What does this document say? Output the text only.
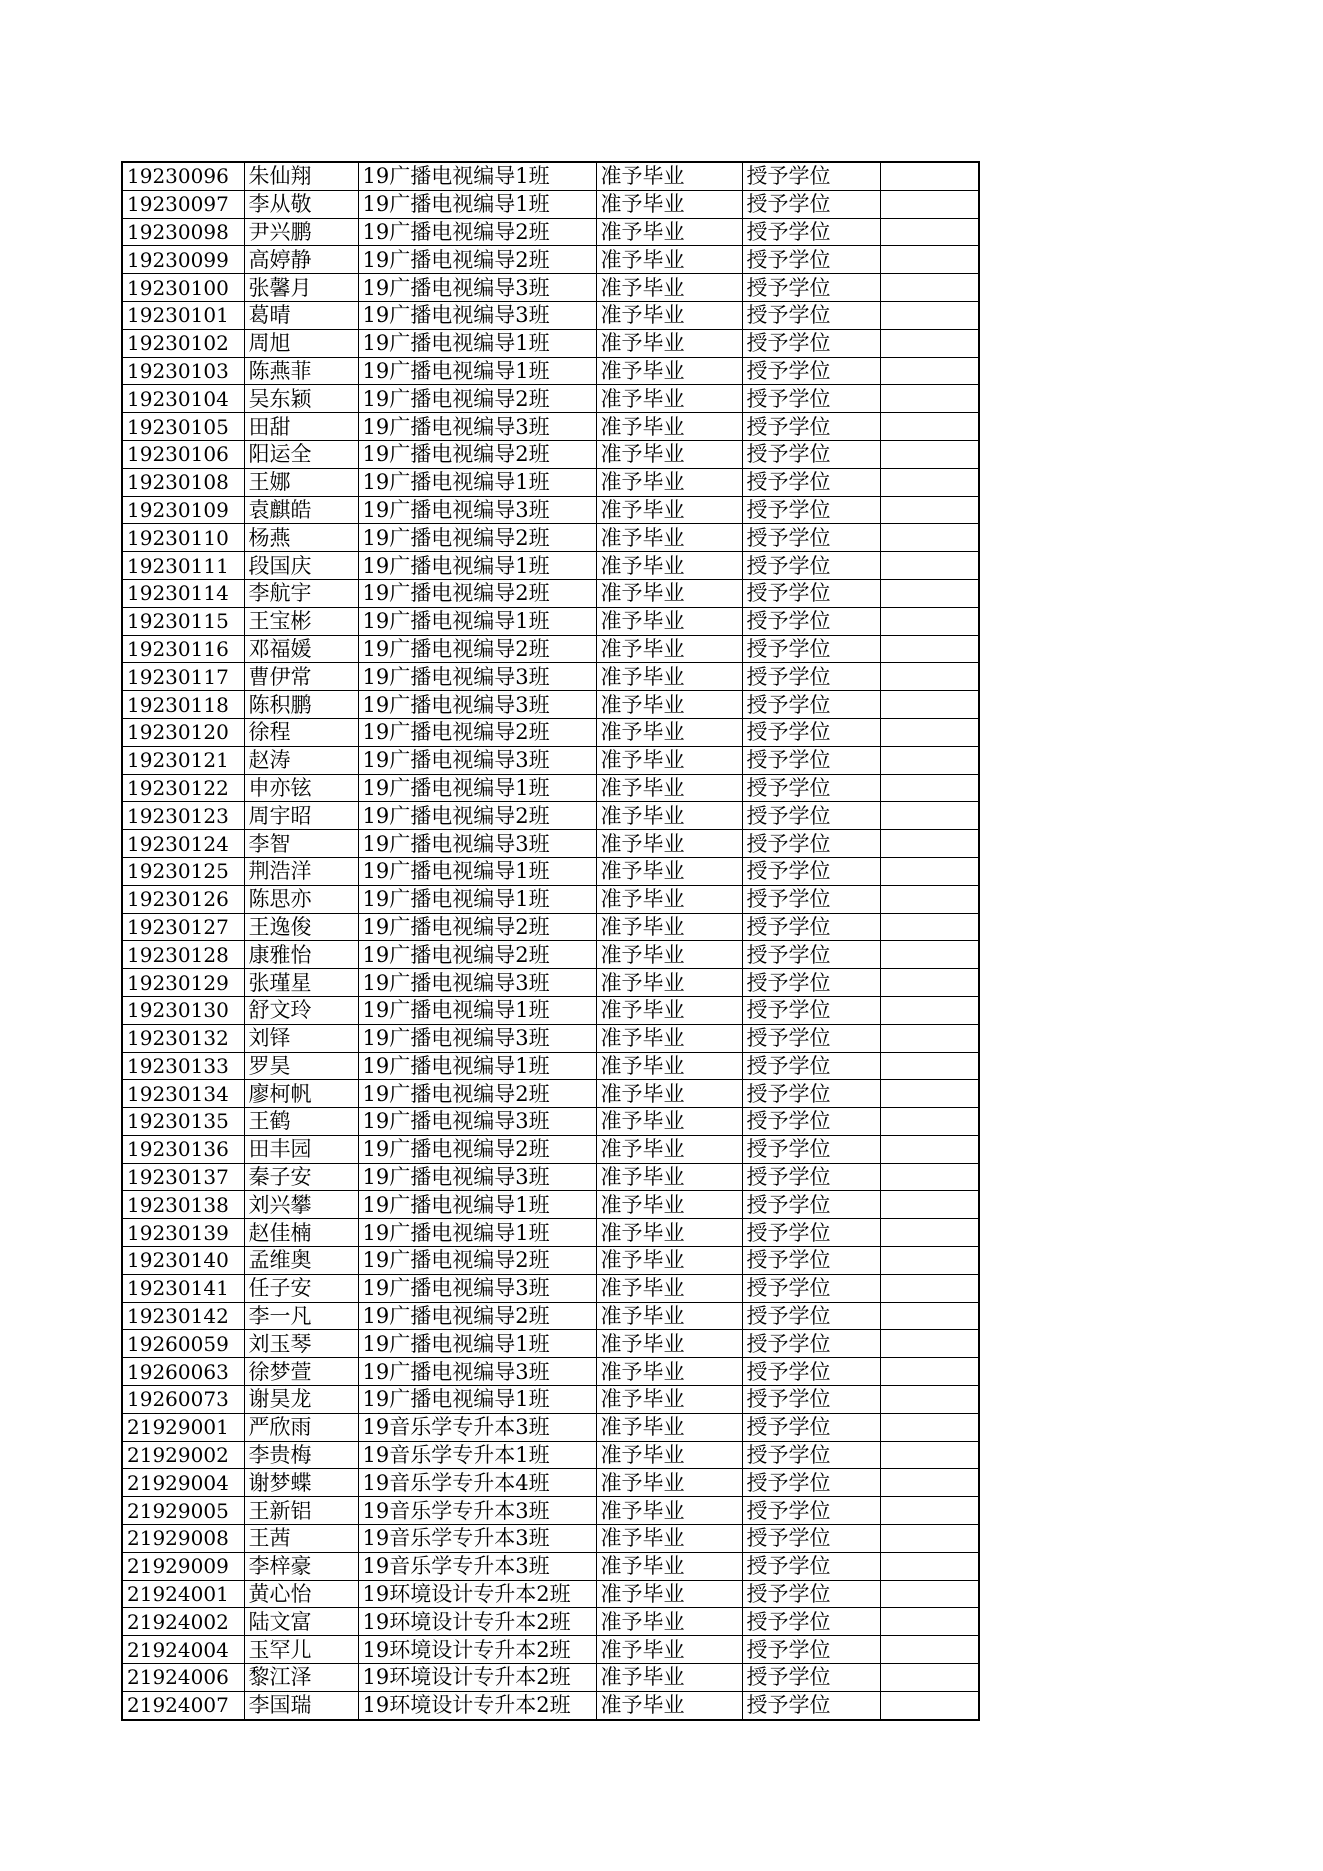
19230096	朱仙翔	19广播电视编导1班	准予毕业	授予学位	
19230097	李从敬	19广播电视编导1班	准予毕业	授予学位	
19230098	尹兴鹏	19广播电视编导2班	准予毕业	授予学位	
19230099	高婷静	19广播电视编导2班	准予毕业	授予学位	
19230100	张馨月	19广播电视编导3班	准予毕业	授予学位	
19230101	葛晴	19广播电视编导3班	准予毕业	授予学位	
19230102	周旭	19广播电视编导1班	准予毕业	授予学位	
19230103	陈燕菲	19广播电视编导1班	准予毕业	授予学位	
19230104	吴东颖	19广播电视编导2班	准予毕业	授予学位	
19230105	田甜	19广播电视编导3班	准予毕业	授予学位	
19230106	阳运全	19广播电视编导2班	准予毕业	授予学位	
19230108	王娜	19广播电视编导1班	准予毕业	授予学位	
19230109	袁麒皓	19广播电视编导3班	准予毕业	授予学位	
19230110	杨燕	19广播电视编导2班	准予毕业	授予学位	
19230111	段国庆	19广播电视编导1班	准予毕业	授予学位	
19230114	李航宇	19广播电视编导2班	准予毕业	授予学位	
19230115	王宝彬	19广播电视编导1班	准予毕业	授予学位	
19230116	邓福媛	19广播电视编导2班	准予毕业	授予学位	
19230117	曹伊常	19广播电视编导3班	准予毕业	授予学位	
19230118	陈积鹏	19广播电视编导3班	准予毕业	授予学位	
19230120	徐程	19广播电视编导2班	准予毕业	授予学位	
19230121	赵涛	19广播电视编导3班	准予毕业	授予学位	
19230122	申亦铉	19广播电视编导1班	准予毕业	授予学位	
19230123	周宇昭	19广播电视编导2班	准予毕业	授予学位	
19230124	李智	19广播电视编导3班	准予毕业	授予学位	
19230125	荆浩洋	19广播电视编导1班	准予毕业	授予学位	
19230126	陈思亦	19广播电视编导1班	准予毕业	授予学位	
19230127	王逸俊	19广播电视编导2班	准予毕业	授予学位	
19230128	康雅怡	19广播电视编导2班	准予毕业	授予学位	
19230129	张瑾星	19广播电视编导3班	准予毕业	授予学位	
19230130	舒文玲	19广播电视编导1班	准予毕业	授予学位	
19230132	刘铎	19广播电视编导3班	准予毕业	授予学位	
19230133	罗昊	19广播电视编导1班	准予毕业	授予学位	
19230134	廖柯帆	19广播电视编导2班	准予毕业	授予学位	
19230135	王鹤	19广播电视编导3班	准予毕业	授予学位	
19230136	田丰园	19广播电视编导2班	准予毕业	授予学位	
19230137	秦子安	19广播电视编导3班	准予毕业	授予学位	
19230138	刘兴攀	19广播电视编导1班	准予毕业	授予学位	
19230139	赵佳楠	19广播电视编导1班	准予毕业	授予学位	
19230140	孟维奥	19广播电视编导2班	准予毕业	授予学位	
19230141	任子安	19广播电视编导3班	准予毕业	授予学位	
19230142	李一凡	19广播电视编导2班	准予毕业	授予学位	
19260059	刘玉琴	19广播电视编导1班	准予毕业	授予学位	
19260063	徐梦萱	19广播电视编导3班	准予毕业	授予学位	
19260073	谢昊龙	19广播电视编导1班	准予毕业	授予学位	
21929001	严欣雨	19音乐学专升本3班	准予毕业	授予学位	
21929002	李贵梅	19音乐学专升本1班	准予毕业	授予学位	
21929004	谢梦蝶	19音乐学专升本4班	准予毕业	授予学位	
21929005	王新铝	19音乐学专升本3班	准予毕业	授予学位	
21929008	王茜	19音乐学专升本3班	准予毕业	授予学位	
21929009	李梓豪	19音乐学专升本3班	准予毕业	授予学位	
21924001	黄心怡	19环境设计专升本2班	准予毕业	授予学位	
21924002	陆文富	19环境设计专升本2班	准予毕业	授予学位	
21924004	玉罕儿	19环境设计专升本2班	准予毕业	授予学位	
21924006	黎江泽	19环境设计专升本2班	准予毕业	授予学位	
21924007	李国瑞	19环境设计专升本2班	准予毕业	授予学位	
